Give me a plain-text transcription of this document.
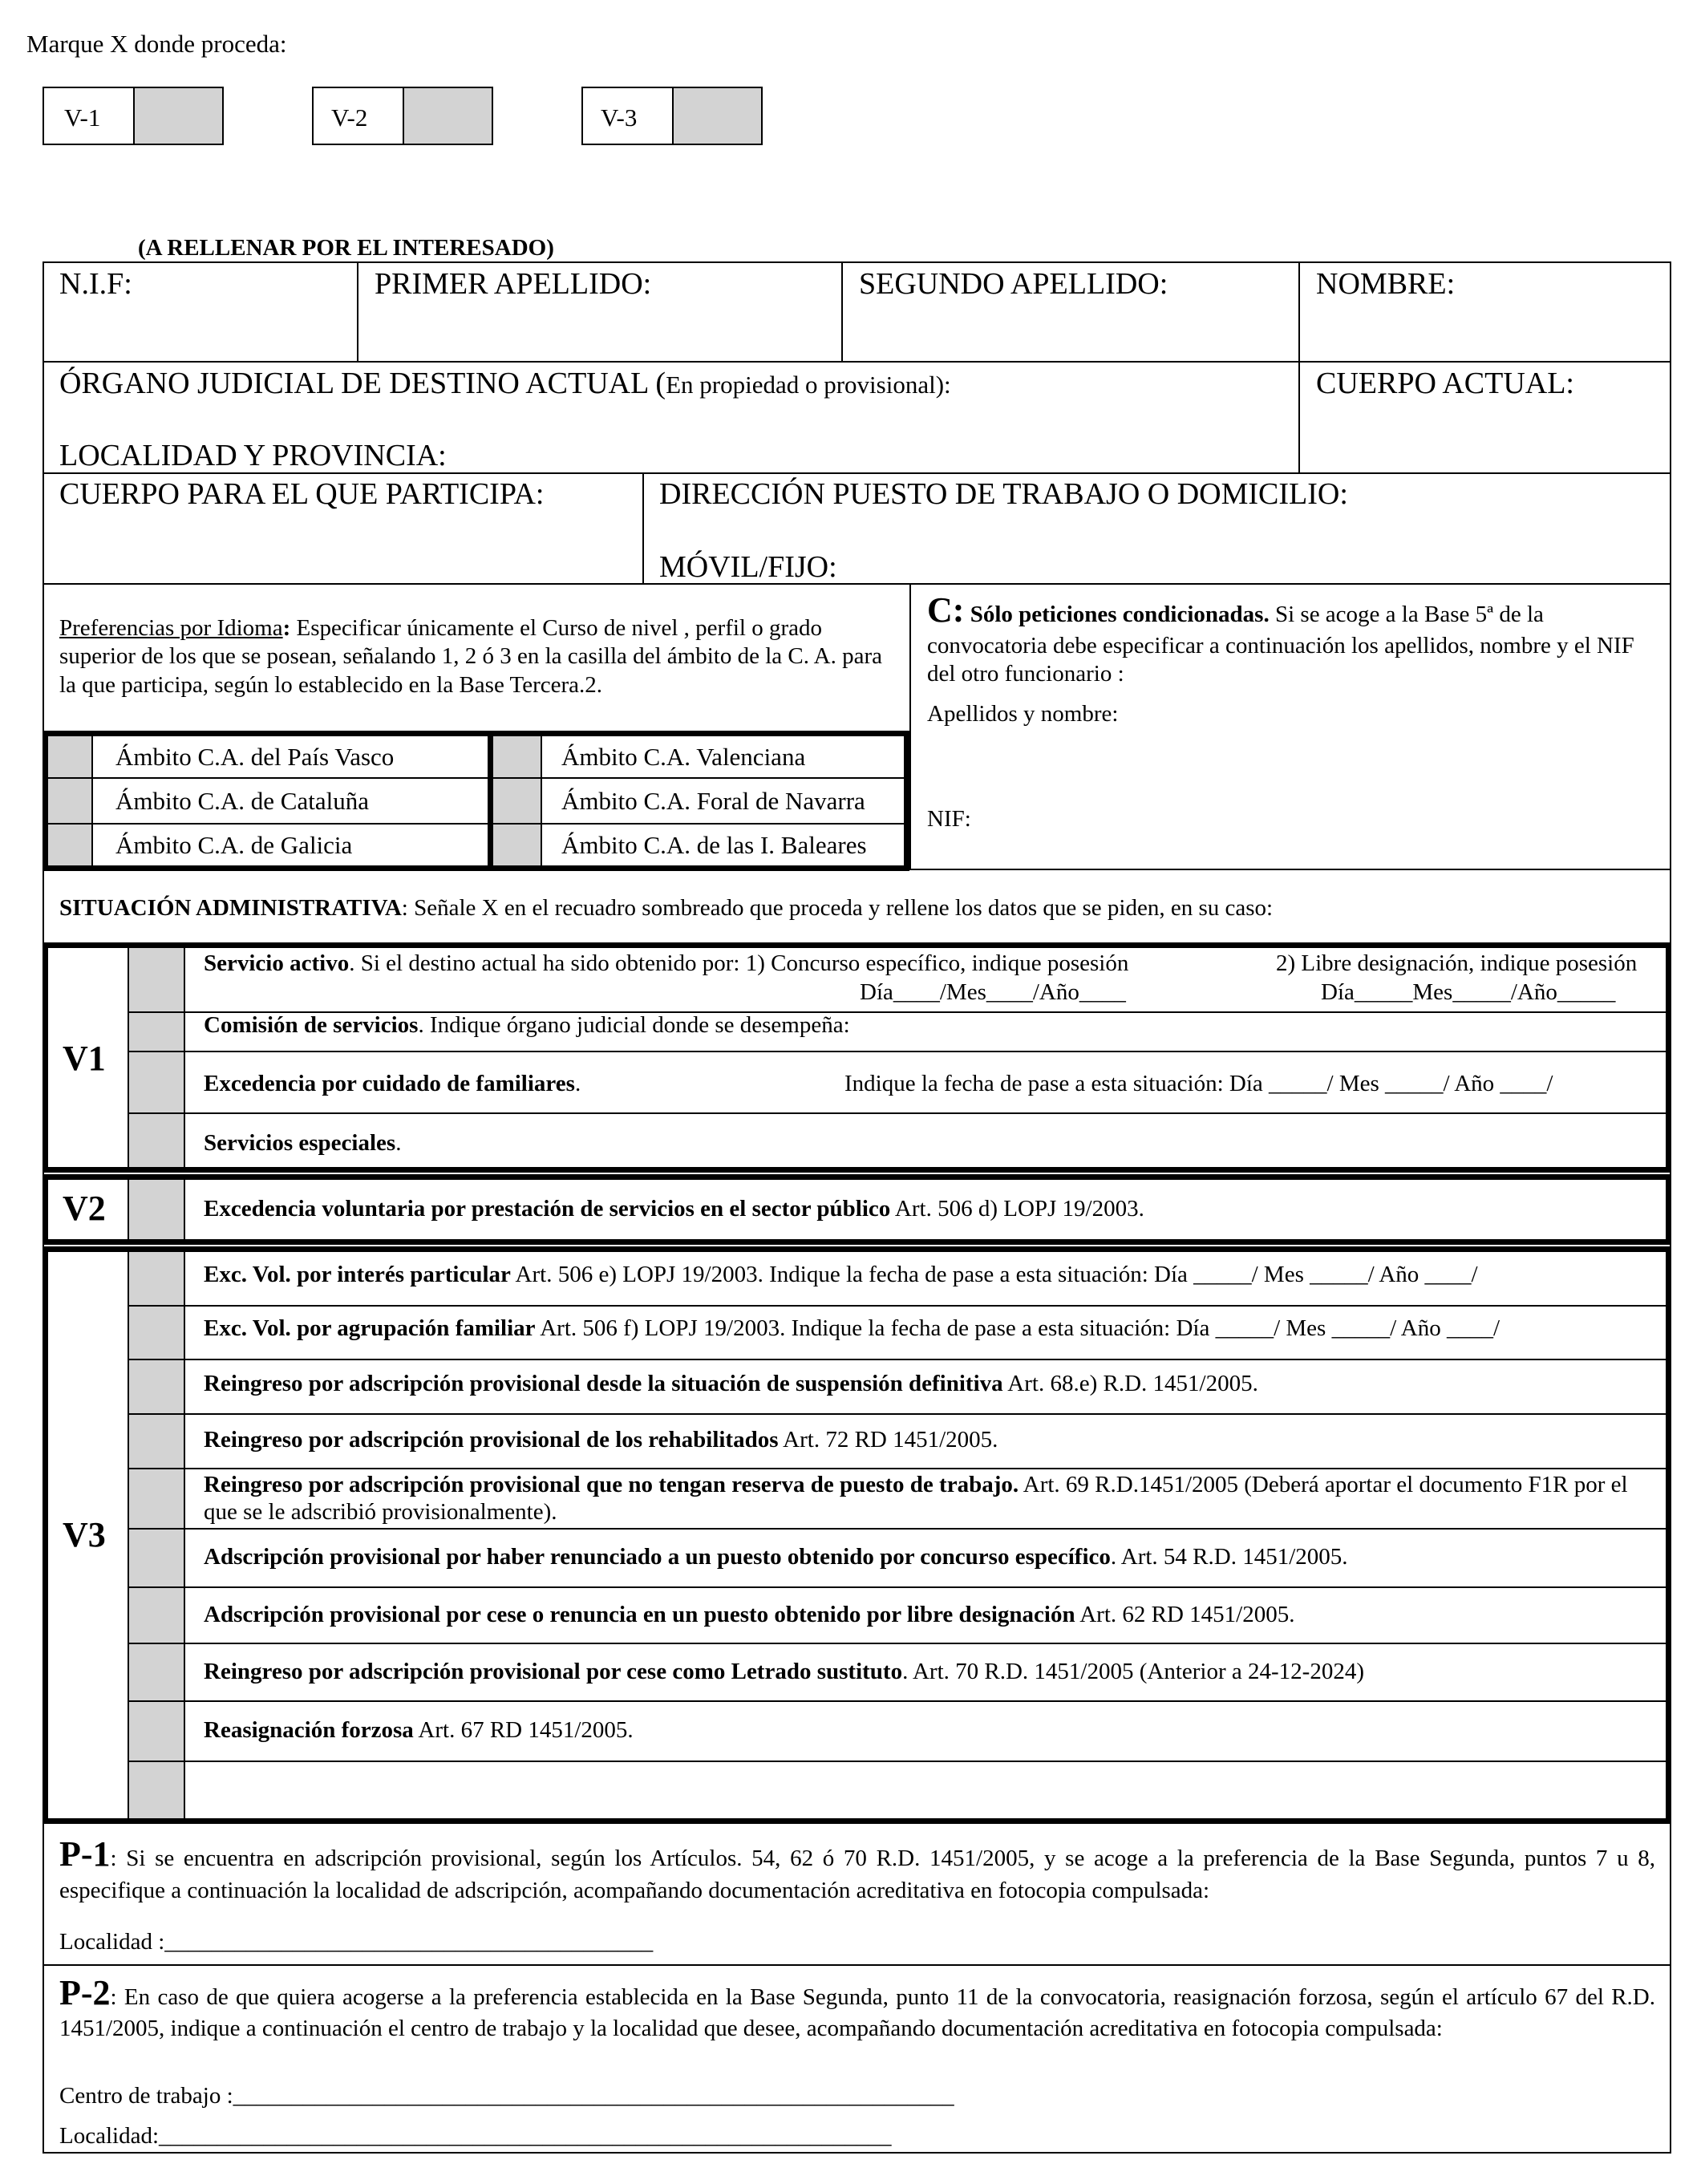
Marque X donde proceda:
V-1	V-2	V-3
(A RELLENAR POR EL INTERESADO)
N.I.F:	PRIMER APELLIDO:	SEGUNDO APELLIDO:	NOMBRE:
ÓRGANO JUDICIAL DE DESTINO ACTUAL (En propiedad o provisional):	CUERPO ACTUAL:
LOCALIDAD Y PROVINCIA:
CUERPO PARA EL QUE PARTICIPA:	DIRECCIÓN PUESTO DE TRABAJO O DOMICILIO:
MÓVIL/FIJO:
Preferencias por Idioma: Especificar únicamente el Curso de nivel , perfil o grado superior de los que se posean, señalando 1, 2 ó 3 en la casilla del ámbito de la C. A. para la que participa, según lo establecido en la Base Tercera.2.
Ámbito C.A. del País Vasco
Ámbito C.A. de Cataluña
Ámbito C.A. de Galicia
Ámbito C.A. Valenciana
Ámbito C.A. Foral de Navarra
Ámbito C.A. de las I. Baleares
C: Sólo peticiones condicionadas. Si se acoge a la Base 5ª de la convocatoria debe especificar a continuación los apellidos, nombre y el NIF del otro funcionario :
Apellidos y nombre:
NIF:
SITUACIÓN ADMINISTRATIVA: Señale X en el recuadro sombreado que proceda y rellene los datos que se piden, en su caso:
V1
Servicio activo. Si el destino actual ha sido obtenido por: 1) Concurso específico, indique posesión	2) Libre designación, indique posesión
Día____/Mes____/Año____	Día_____Mes_____/Año_____
Comisión de servicios. Indique órgano judicial donde se desempeña:
Excedencia por cuidado de familiares.	Indique la fecha de pase a esta situación: Día _____/ Mes _____/ Año ____/
Servicios especiales.
V2	Excedencia voluntaria por prestación de servicios en el sector público Art. 506 d) LOPJ 19/2003.
V3
Exc. Vol. por interés particular Art. 506 e) LOPJ 19/2003. Indique la fecha de pase a esta situación: Día _____/ Mes _____/ Año ____/
Exc. Vol. por agrupación familiar Art. 506 f) LOPJ 19/2003. Indique la fecha de pase a esta situación: Día _____/ Mes _____/ Año ____/
Reingreso por adscripción provisional desde la situación de suspensión definitiva Art. 68.e) R.D. 1451/2005.
Reingreso por adscripción provisional de los rehabilitados Art. 72 RD 1451/2005.
Reingreso por adscripción provisional que no tengan reserva de puesto de trabajo. Art. 69 R.D.1451/2005 (Deberá aportar el documento F1R por el que se le adscribió provisionalmente).
Adscripción provisional por haber renunciado a un puesto obtenido por concurso específico. Art. 54 R.D. 1451/2005.
Adscripción provisional por cese o renuncia en un puesto obtenido por libre designación Art. 62 RD 1451/2005.
Reingreso por adscripción provisional por cese como Letrado sustituto. Art. 70 R.D. 1451/2005 (Anterior a 24-12-2024)
Reasignación forzosa Art. 67 RD 1451/2005.
P-1: Si se encuentra en adscripción provisional, según los Artículos. 54, 62 ó 70 R.D. 1451/2005, y se acoge a la preferencia de la Base Segunda, puntos 7 u 8, especifique a continuación la localidad de adscripción, acompañando documentación acreditativa en fotocopia compulsada:
Localidad :__________________________________________
P-2: En caso de que quiera acogerse a la preferencia establecida en la Base Segunda, punto 11 de la convocatoria, reasignación forzosa, según el artículo 67 del R.D. 1451/2005, indique a continuación el centro de trabajo y la localidad que desee, acompañando documentación acreditativa en fotocopia compulsada:
Centro de trabajo :______________________________________________________________
Localidad:_______________________________________________________________
